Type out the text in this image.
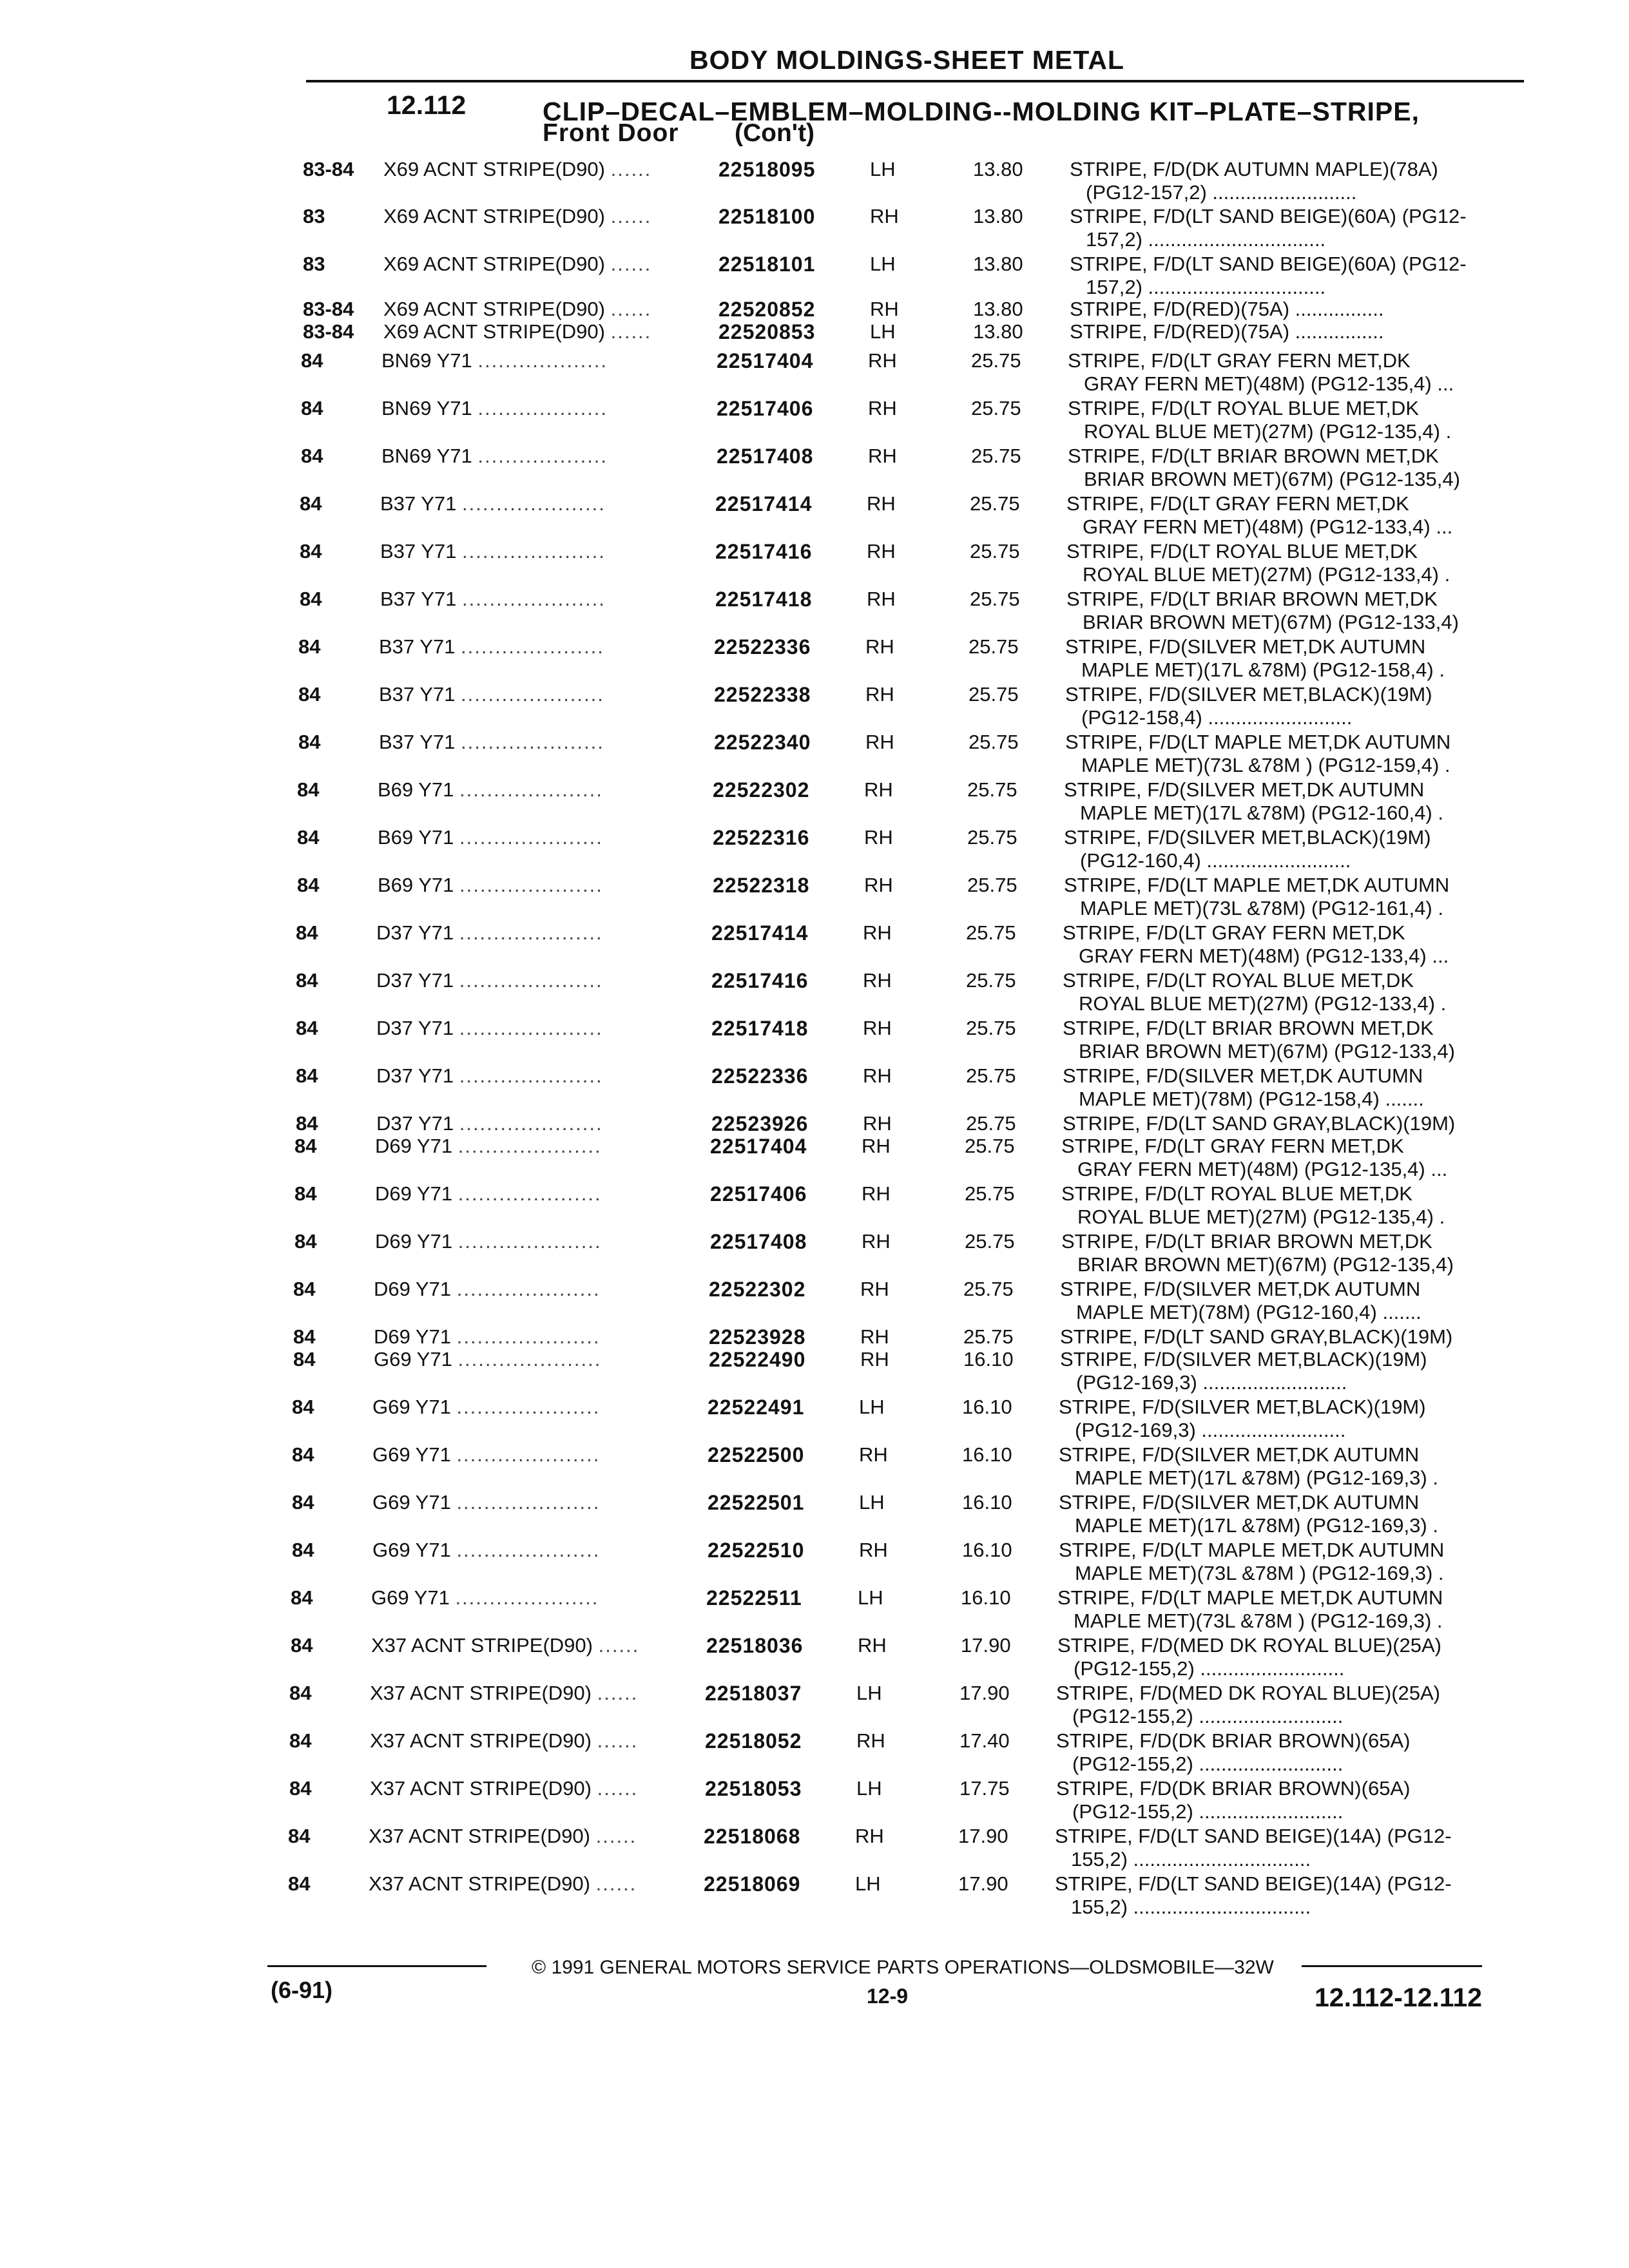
BODY MOLDINGS-SHEET METAL
12.112	CLIP–DECAL–EMBLEM–MOLDING--MOLDING KIT–PLATE–STRIPE,
Front Door (Con't)
83-84 X69 ACNT STRIPE(D90) ......	22518095	LH	13.80 STRIPE, F/D(DK AUTUMN MAPLE)(78A)
(PG12-157,2) ..........................
83	X69 ACNT STRIPE(D90) ......	22518100	RH	13.80 STRIPE, F/D(LT SAND BEIGE)(60A) (PG12-
157,2) ................................
83	X69 ACNT STRIPE(D90) ......	22518101	LH	13.80 STRIPE, F/D(LT SAND BEIGE)(60A) (PG12-
157,2) ................................
83-84 X69 ACNT STRIPE(D90) ......	22520852	RH	13.80 STRIPE, F/D(RED)(75A) ................
83-84 X69 ACNT STRIPE(D90) ......	22520853	LH	13.80 STRIPE, F/D(RED)(75A) ................
84	BN69 Y71 ...................	22517404	RH	25.75 STRIPE, F/D(LT GRAY FERN MET,DK
GRAY FERN MET)(48M) (PG12-135,4) ...
84	BN69 Y71 ...................	22517406	RH	25.75 STRIPE, F/D(LT ROYAL BLUE MET,DK
ROYAL BLUE MET)(27M) (PG12-135,4) .
84	BN69 Y71 ...................	22517408	RH	25.75 STRIPE, F/D(LT BRIAR BROWN MET,DK
BRIAR BROWN MET)(67M) (PG12-135,4)
84	B37 Y71 .....................	22517414	RH	25.75 STRIPE, F/D(LT GRAY FERN MET,DK
GRAY FERN MET)(48M) (PG12-133,4) ...
84	B37 Y71 .....................	22517416	RH	25.75 STRIPE, F/D(LT ROYAL BLUE MET,DK
ROYAL BLUE MET)(27M) (PG12-133,4) .
84	B37 Y71 .....................	22517418	RH	25.75 STRIPE, F/D(LT BRIAR BROWN MET,DK
BRIAR BROWN MET)(67M) (PG12-133,4)
84	B37 Y71 .....................	22522336	RH	25.75 STRIPE, F/D(SILVER MET,DK AUTUMN
MAPLE MET)(17L &78M) (PG12-158,4) .
84	B37 Y71 .....................	22522338	RH	25.75 STRIPE, F/D(SILVER MET,BLACK)(19M)
(PG12-158,4) ..........................
84	B37 Y71 .....................	22522340	RH	25.75 STRIPE, F/D(LT MAPLE MET,DK AUTUMN
MAPLE MET)(73L &78M ) (PG12-159,4) .
84	B69 Y71 .....................	22522302	RH	25.75 STRIPE, F/D(SILVER MET,DK AUTUMN
MAPLE MET)(17L &78M) (PG12-160,4) .
84	B69 Y71 .....................	22522316	RH	25.75 STRIPE, F/D(SILVER MET,BLACK)(19M)
(PG12-160,4) ..........................
84	B69 Y71 .....................	22522318	RH	25.75 STRIPE, F/D(LT MAPLE MET,DK AUTUMN
MAPLE MET)(73L &78M) (PG12-161,4) .
84	D37 Y71 .....................	22517414	RH	25.75 STRIPE, F/D(LT GRAY FERN MET,DK
GRAY FERN MET)(48M) (PG12-133,4) ...
84	D37 Y71 .....................	22517416	RH	25.75 STRIPE, F/D(LT ROYAL BLUE MET,DK
ROYAL BLUE MET)(27M) (PG12-133,4) .
84	D37 Y71 .....................	22517418	RH	25.75 STRIPE, F/D(LT BRIAR BROWN MET,DK
BRIAR BROWN MET)(67M) (PG12-133,4)
84	D37 Y71 .....................	22522336	RH	25.75 STRIPE, F/D(SILVER MET,DK AUTUMN
MAPLE MET)(78M) (PG12-158,4) .......
84	D37 Y71 .....................	22523926	RH	25.75 STRIPE, F/D(LT SAND GRAY,BLACK)(19M)
84	D69 Y71 .....................	22517404	RH	25.75 STRIPE, F/D(LT GRAY FERN MET,DK
GRAY FERN MET)(48M) (PG12-135,4) ...
84	D69 Y71 .....................	22517406	RH	25.75 STRIPE, F/D(LT ROYAL BLUE MET,DK
ROYAL BLUE MET)(27M) (PG12-135,4) .
84	D69 Y71 .....................	22517408	RH	25.75 STRIPE, F/D(LT BRIAR BROWN MET,DK
BRIAR BROWN MET)(67M) (PG12-135,4)
84	D69 Y71 .....................	22522302	RH	25.75 STRIPE, F/D(SILVER MET,DK AUTUMN
MAPLE MET)(78M) (PG12-160,4) .......
84	D69 Y71 .....................	22523928	RH	25.75 STRIPE, F/D(LT SAND GRAY,BLACK)(19M)
84	G69 Y71 .....................	22522490	RH	16.10 STRIPE, F/D(SILVER MET,BLACK)(19M)
(PG12-169,3) ..........................
84	G69 Y71 .....................	22522491	LH	16.10 STRIPE, F/D(SILVER MET,BLACK)(19M)
(PG12-169,3) ..........................
84	G69 Y71 .....................	22522500	RH	16.10 STRIPE, F/D(SILVER MET,DK AUTUMN
MAPLE MET)(17L &78M) (PG12-169,3) .
84	G69 Y71 .....................	22522501	LH	16.10 STRIPE, F/D(SILVER MET,DK AUTUMN
MAPLE MET)(17L &78M) (PG12-169,3) .
84	G69 Y71 .....................	22522510	RH	16.10 STRIPE, F/D(LT MAPLE MET,DK AUTUMN
MAPLE MET)(73L &78M ) (PG12-169,3) .
84	G69 Y71 .....................	22522511	LH	16.10 STRIPE, F/D(LT MAPLE MET,DK AUTUMN
MAPLE MET)(73L &78M ) (PG12-169,3) .
84	X37 ACNT STRIPE(D90) ......	22518036	RH	17.90 STRIPE, F/D(MED DK ROYAL BLUE)(25A)
(PG12-155,2) ..........................
84	X37 ACNT STRIPE(D90) ......	22518037	LH	17.90 STRIPE, F/D(MED DK ROYAL BLUE)(25A)
(PG12-155,2) ..........................
84	X37 ACNT STRIPE(D90) ......	22518052	RH	17.40 STRIPE, F/D(DK BRIAR BROWN)(65A)
(PG12-155,2) ..........................
84	X37 ACNT STRIPE(D90) ......	22518053	LH	17.75 STRIPE, F/D(DK BRIAR BROWN)(65A)
(PG12-155,2) ..........................
84	X37 ACNT STRIPE(D90) ......	22518068	RH	17.90 STRIPE, F/D(LT SAND BEIGE)(14A) (PG12-
155,2) ................................
84	X37 ACNT STRIPE(D90) ......	22518069	LH	17.90 STRIPE, F/D(LT SAND BEIGE)(14A) (PG12-
155,2) ................................
© 1991 GENERAL MOTORS SERVICE PARTS OPERATIONS—OLDSMOBILE—32W
(6-91)	12-9	12.112-12.112
